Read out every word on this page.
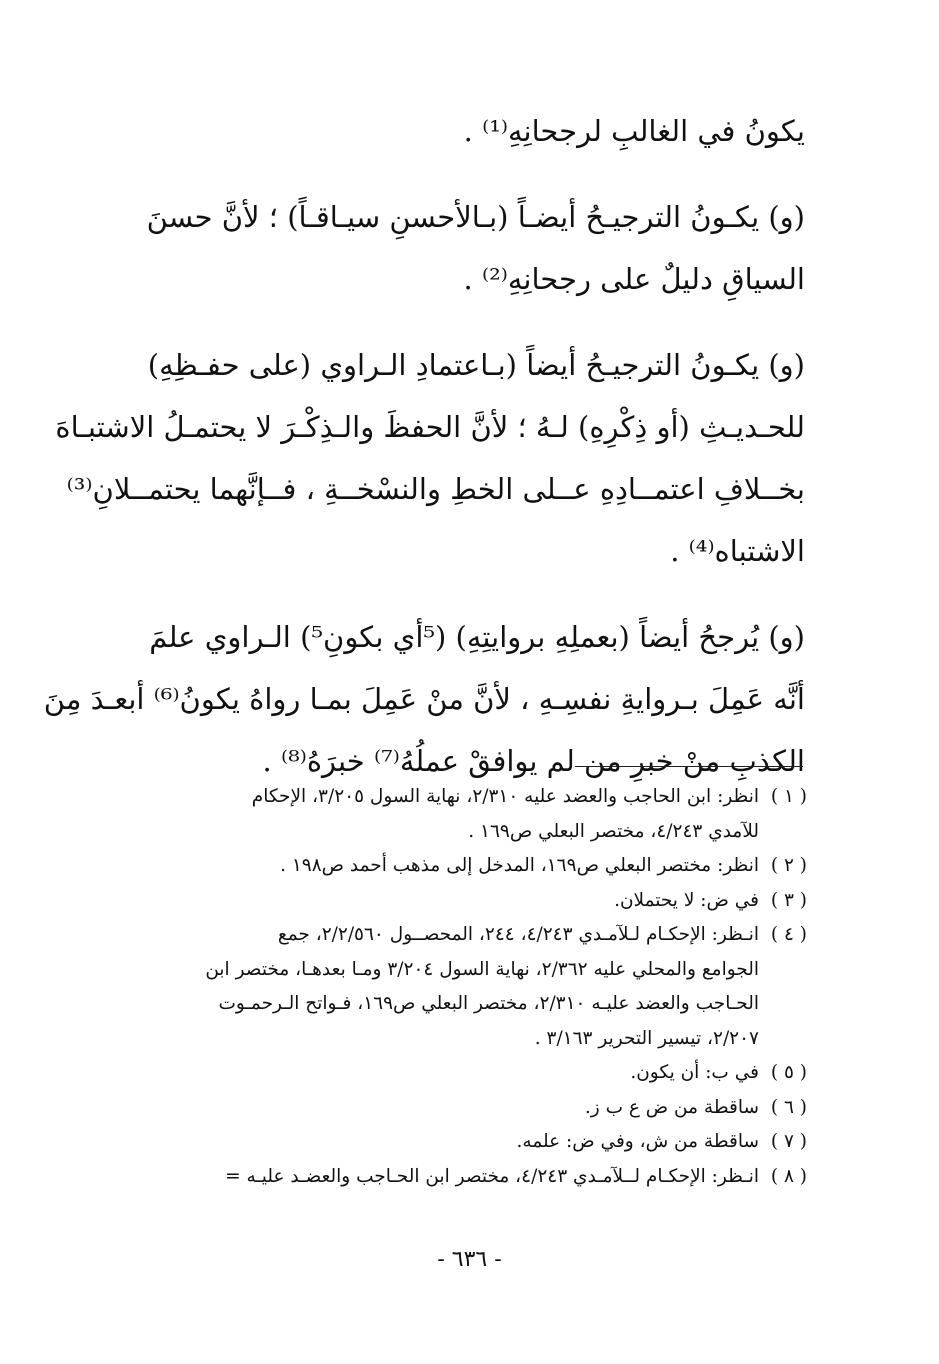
يكونُ في الغالبِ لرجحانِهِ⁽¹⁾ .

(و) يكـونُ الترجيـحُ أيضـاً (بـالأحسنِ سيـاقـاً) ؛ لأنَّ حسنَ
السياقِ دليلٌ على رجحانِهِ⁽²⁾ .

(و) يكـونُ الترجيـحُ أيضاً (بـاعتمادِ الـراوي (على حفـظِهِ)
للحـديـثِ (أو ذِكْرِهِ) لـهُ ؛ لأنَّ الحفظَ والـذِكْـرَ لا يحتمـلُ الاشتبـاهَ
بخــلافِ اعتمــادِهِ عــلى الخطِ والنسْخــةِ ، فــإنَّهما يحتمــلانِ⁽³⁾
الاشتباه⁽⁴⁾ .

(و) يُرجحُ أيضاً (بعملِهِ بروايتِهِ) (⁵أي بكونِ⁵) الـراوي علمَ
أنَّه عَمِلَ بـروايةِ نفسِـهِ ، لأنَّ منْ عَمِلَ بمـا رواهُ يكونُ⁽⁶⁾ أبعـدَ مِنَ
الكذبِ منْ خبرِ من لم يوافقْ عملُهُ⁽⁷⁾ خبرَهُ⁽⁸⁾ .

( ١ )
انظر: ابن الحاجب والعضد عليه ٢/٣١٠، نهاية السول ٣/٢٠٥، الإحكام
للآمدي ٤/٢٤٣، مختصر البعلي ص١٦٩ .
( ٢ )
انظر: مختصر البعلي ص١٦٩، المدخل إلى مذهب أحمد ص١٩٨ .
( ٣ )
في ض: لا يحتملان.
( ٤ )
انـظر: الإحكـام لـلآمـدي ٤/٢٤٣، ٢٤٤، المحصــول ٢/٢/٥٦٠، جمع
الجوامع والمحلي عليه ٢/٣٦٢، نهاية السول ٣/٢٠٤ ومـا بعدهـا، مختصر ابن
الحـاجب والعضد عليـه ٢/٣١٠، مختصر البعلي ص١٦٩، فـواتح الـرحمـوت
٢/٢٠٧، تيسير التحرير ٣/١٦٣ .
( ٥ )
في ب: أن يكون.
( ٦ )
ساقطة من ض ع ب ز.
( ٧ )
ساقطة من ش، وفي ض: علمه.
( ٨ )
انـظر: الإحكـام لــلآمـدي ٤/٢٤٣، مختصر ابن الحـاجب والعضـد عليـه =
- ٦٣٦ -
